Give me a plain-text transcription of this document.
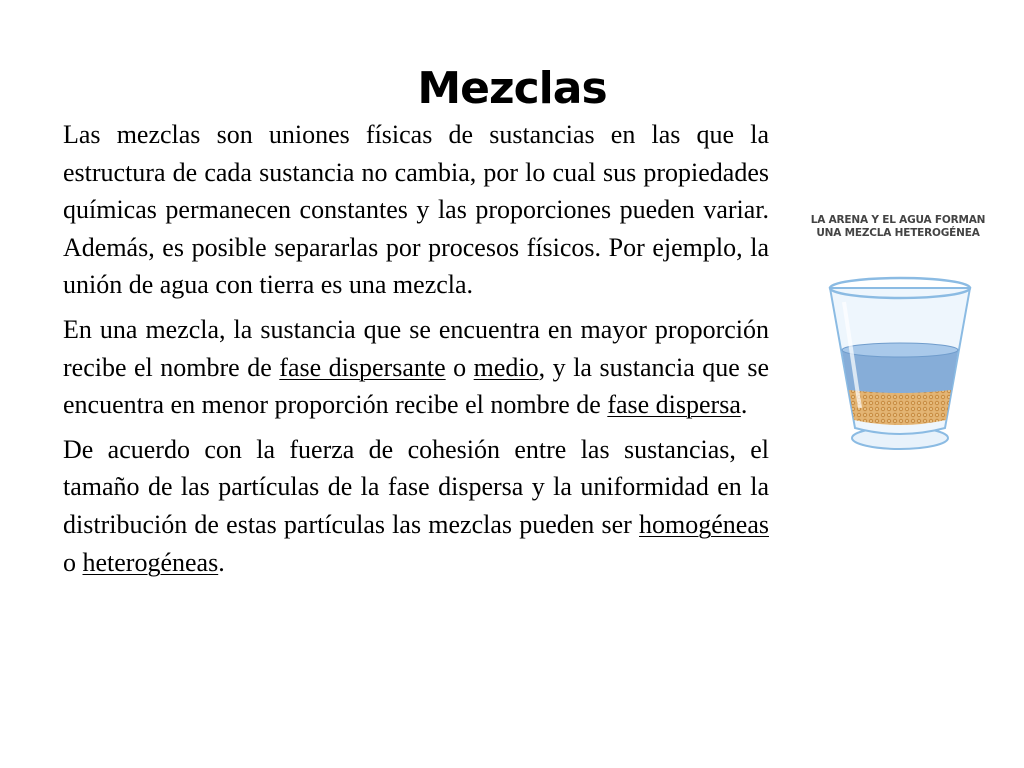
Mezclas

Las mezclas son uniones físicas de sustancias en las que la estructura de cada sustancia no cambia, por lo cual sus propiedades químicas permanecen constantes y las proporciones pueden variar. Además, es posible separarlas por procesos físicos. Por ejemplo, la unión de agua con tierra es una mezcla.

En una mezcla, la sustancia que se encuentra en mayor proporción recibe el nombre de fase dispersante o medio, y la sustancia que se encuentra en menor proporción recibe el nombre de fase dispersa.

De acuerdo con la fuerza de cohesión entre las sustancias, el tamaño de las partículas de la fase dispersa y la uniformidad en la distribución de estas partículas las mezclas pueden ser homogéneas o heterogéneas.

LA ARENA Y EL AGUA FORMAN
UNA MEZCLA HETEROGÉNEA
